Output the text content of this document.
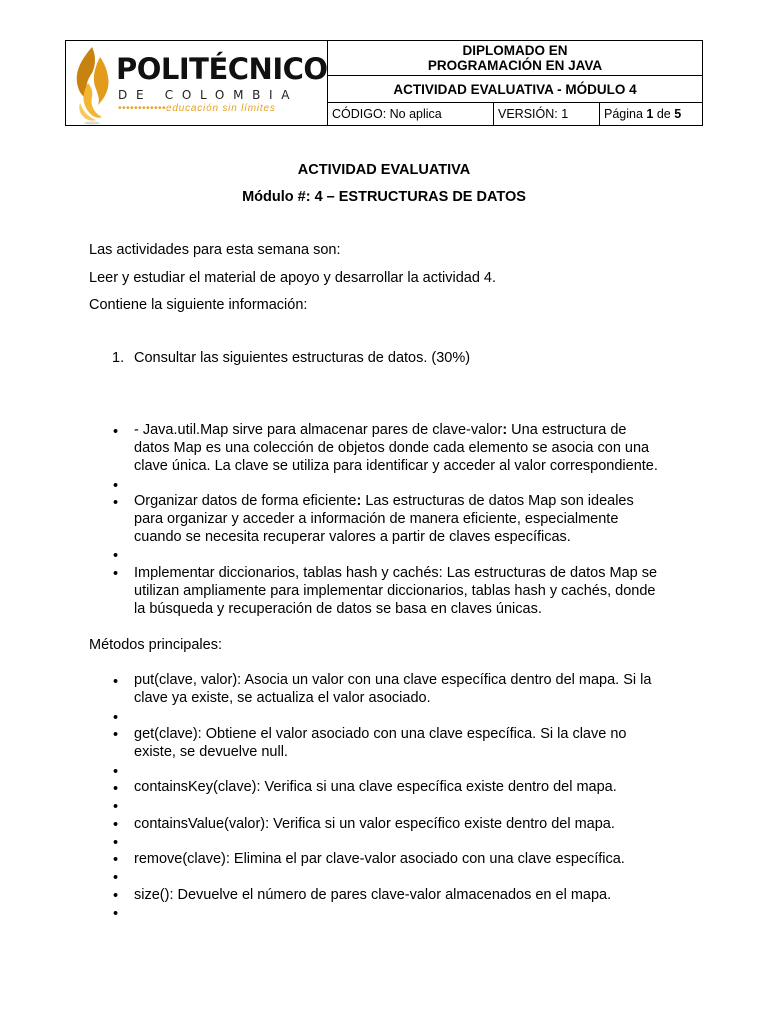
POLITÉCNICO
DE COLOMBIA
••••••••••••educación sin límites
DIPLOMADO EN
PROGRAMACIÓN EN JAVA
ACTIVIDAD EVALUATIVA - MÓDULO 4
CÓDIGO: No aplica	VERSIÓN: 1	Página 1 de 5
ACTIVIDAD EVALUATIVA
Módulo #: 4 – ESTRUCTURAS DE DATOS
Las actividades para esta semana son:
Leer y estudiar el material de apoyo y desarrollar la actividad 4.
Contiene la siguiente información:
1. Consultar las siguientes estructuras de datos. (30%)
• - Java.util.Map sirve para almacenar pares de clave-valor: Una estructura de
datos Map es una colección de objetos donde cada elemento se asocia con una
clave única. La clave se utiliza para identificar y acceder al valor correspondiente.
•
• Organizar datos de forma eficiente: Las estructuras de datos Map son ideales
para organizar y acceder a información de manera eficiente, especialmente
cuando se necesita recuperar valores a partir de claves específicas.
•
• Implementar diccionarios, tablas hash y cachés: Las estructuras de datos Map se
utilizan ampliamente para implementar diccionarios, tablas hash y cachés, donde
la búsqueda y recuperación de datos se basa en claves únicas.
Métodos principales:
• put(clave, valor): Asocia un valor con una clave específica dentro del mapa. Si la
clave ya existe, se actualiza el valor asociado.
•
• get(clave): Obtiene el valor asociado con una clave específica. Si la clave no
existe, se devuelve null.
•
• containsKey(clave): Verifica si una clave específica existe dentro del mapa.
•
• containsValue(valor): Verifica si un valor específico existe dentro del mapa.
•
• remove(clave): Elimina el par clave-valor asociado con una clave específica.
•
• size(): Devuelve el número de pares clave-valor almacenados en el mapa.
•
